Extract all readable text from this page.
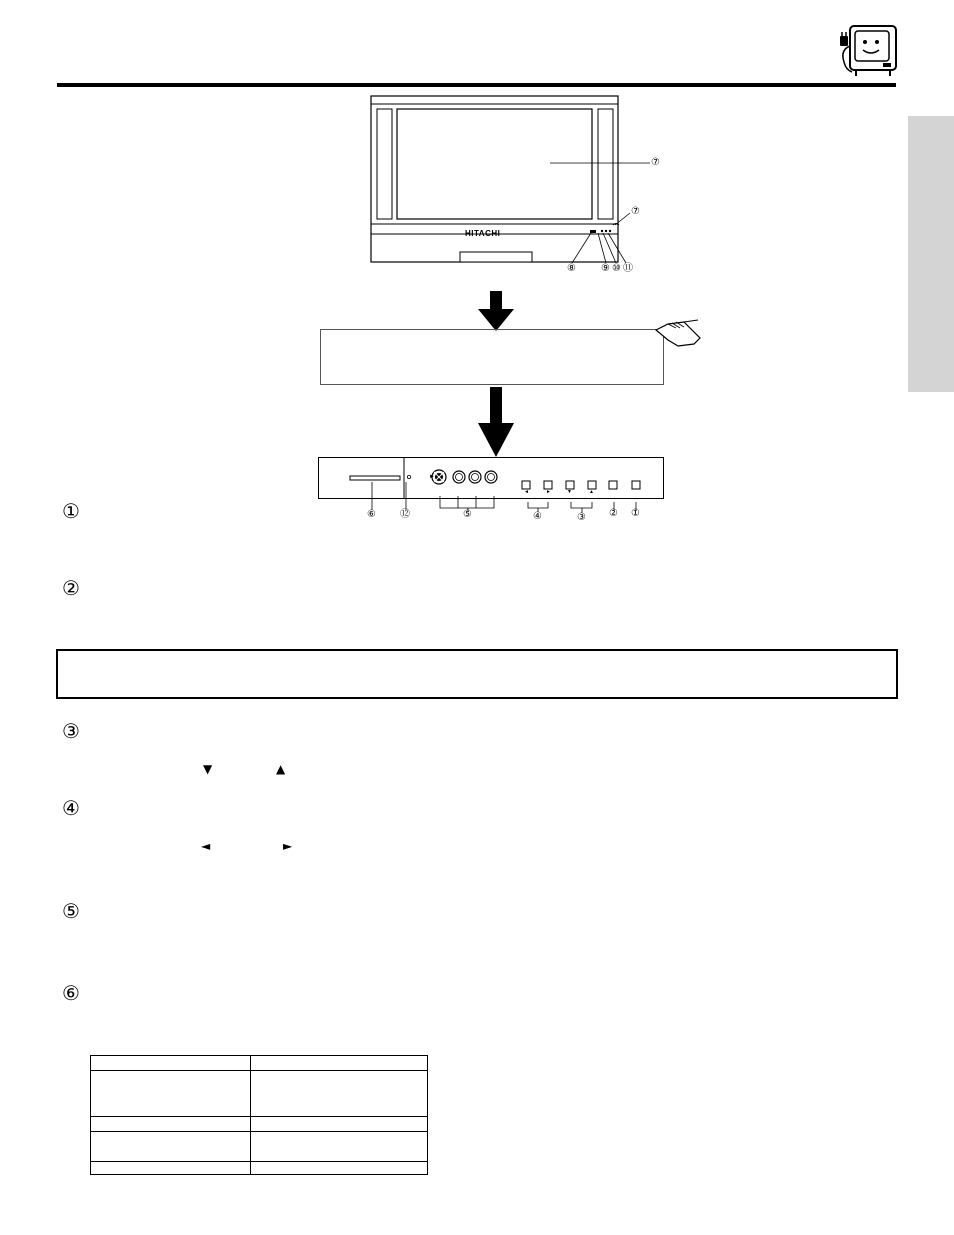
HITACHI
⑦
⑦
⑧	⑨ ⑩ ⑪
►
◄	►	▼	▲
⑥ ⑫	⑤	④	③ ② ①
①
②
③
▼	▲
④
◄	►
⑤
⑥
